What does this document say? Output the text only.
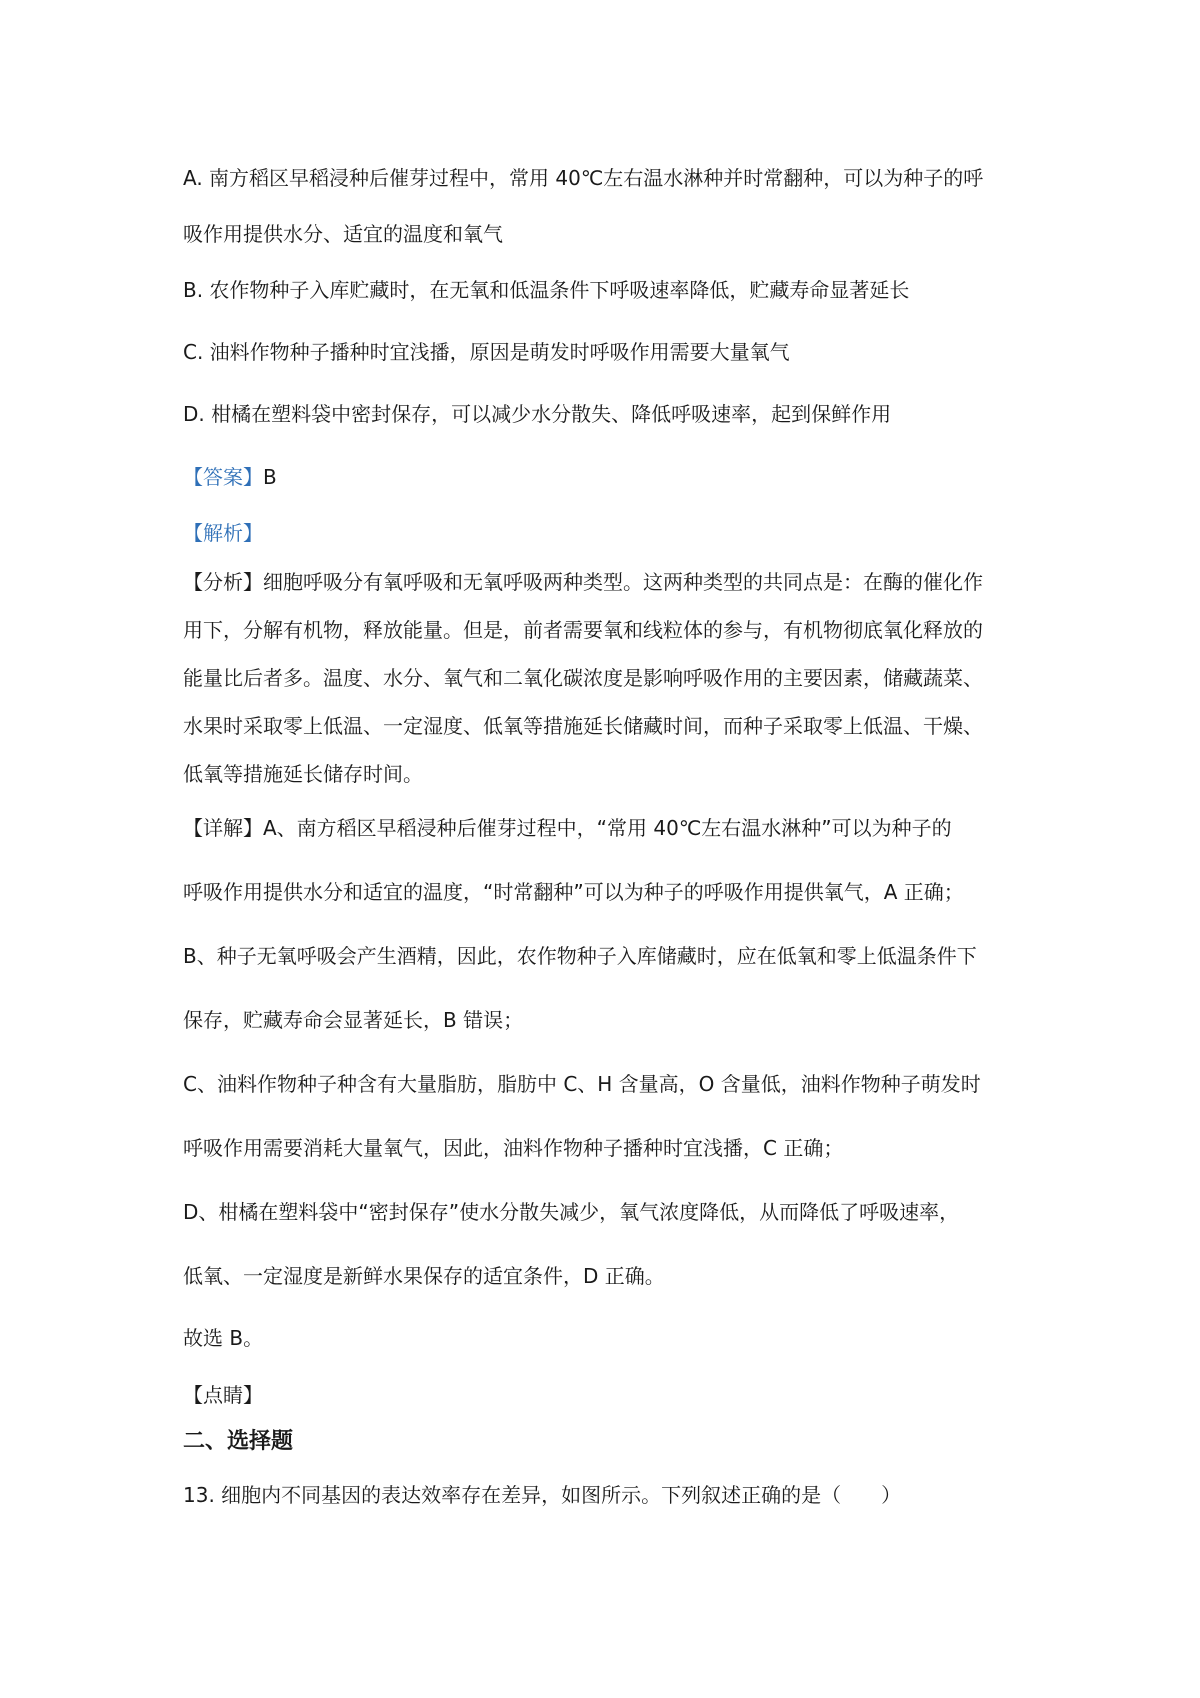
A. 南方稻区早稻浸种后催芽过程中，常用 40℃左右温水淋种并时常翻种，可以为种子的呼
吸作用提供水分、适宜的温度和氧气
B. 农作物种子入库贮藏时，在无氧和低温条件下呼吸速率降低，贮藏寿命显著延长
C. 油料作物种子播种时宜浅播，原因是萌发时呼吸作用需要大量氧气
D. 柑橘在塑料袋中密封保存，可以减少水分散失、降低呼吸速率，起到保鲜作用
【答案】B
【解析】
【分析】细胞呼吸分有氧呼吸和无氧呼吸两种类型。这两种类型的共同点是：在酶的催化作
用下，分解有机物，释放能量。但是，前者需要氧和线粒体的参与，有机物彻底氧化释放的
能量比后者多。温度、水分、氧气和二氧化碳浓度是影响呼吸作用的主要因素，储藏蔬菜、
水果时采取零上低温、一定湿度、低氧等措施延长储藏时间，而种子采取零上低温、干燥、
低氧等措施延长储存时间。
【详解】A、南方稻区早稻浸种后催芽过程中，“常用 40℃左右温水淋种”可以为种子的
呼吸作用提供水分和适宜的温度，“时常翻种”可以为种子的呼吸作用提供氧气，A 正确；
B、种子无氧呼吸会产生酒精，因此，农作物种子入库储藏时，应在低氧和零上低温条件下
保存，贮藏寿命会显著延长，B 错误；
C、油料作物种子种含有大量脂肪，脂肪中 C、H 含量高，O 含量低，油料作物种子萌发时
呼吸作用需要消耗大量氧气，因此，油料作物种子播种时宜浅播，C 正确；
D、柑橘在塑料袋中“密封保存”使水分散失减少，氧气浓度降低，从而降低了呼吸速率，
低氧、一定湿度是新鲜水果保存的适宜条件，D 正确。
故选 B。
【点睛】
二、选择题
13. 细胞内不同基因的表达效率存在差异，如图所示。下列叙述正确的是（　　）
